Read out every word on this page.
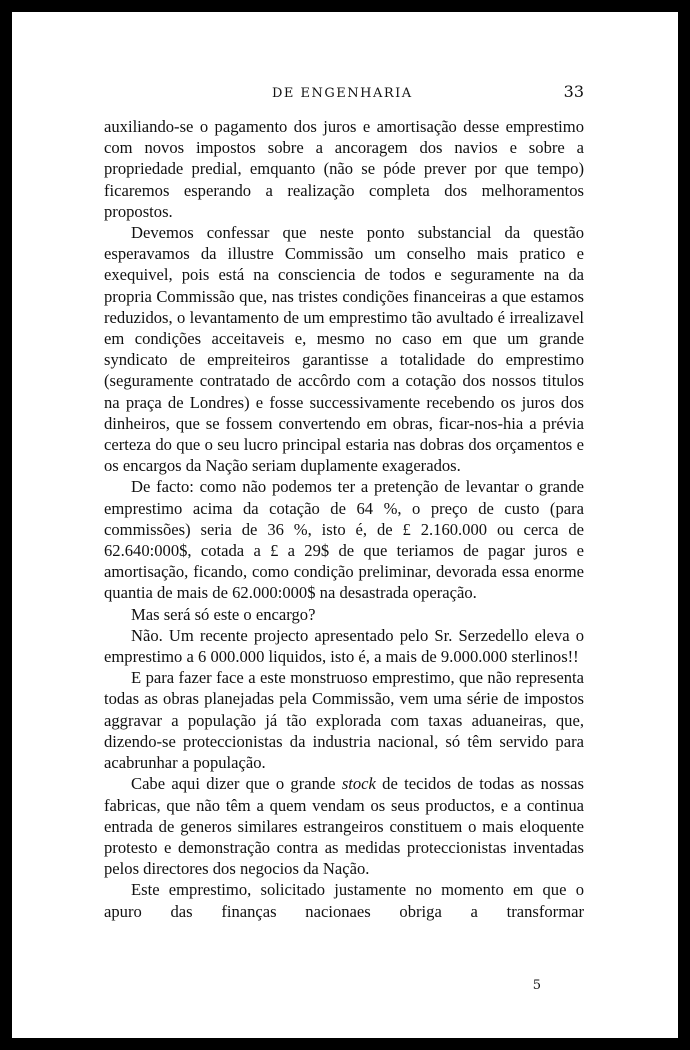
DE ENGENHARIA	33

auxiliando-se o pagamento dos juros e amortisação desse emprestimo com novos impostos sobre a ancoragem dos navios e sobre a propriedade predial, emquanto (não se póde prever por que tempo) ficaremos esperando a realização completa dos melhoramentos propostos.

Devemos confessar que neste ponto substancial da questão esperavamos da illustre Commissão um conselho mais pratico e exequivel, pois está na consciencia de todos e seguramente na da propria Commissão que, nas tristes condições financeiras a que estamos reduzidos, o levantamento de um emprestimo tão avultado é irrealizavel em condições acceitaveis e, mesmo no caso em que um grande syndicato de empreiteiros garantisse a totalidade do emprestimo (seguramente contratado de accôrdo com a cotação dos nossos titulos na praça de Londres) e fosse successivamente recebendo os juros dos dinheiros, que se fossem convertendo em obras, ficar-nos-hia a prévia certeza do que o seu lucro principal estaria nas dobras dos orçamentos e os encargos da Nação seriam duplamente exagerados.

De facto: como não podemos ter a pretenção de levantar o grande emprestimo acima da cotação de 64 %, o preço de custo (para commissões) seria de 36 %, isto é, de £ 2.160.000 ou cerca de 62.640:000$, cotada a £ a 29$ de que teriamos de pagar juros e amortisação, ficando, como condição preliminar, devorada essa enorme quantia de mais de 62.000:000$ na desastrada operação.

Mas será só este o encargo?

Não. Um recente projecto apresentado pelo Sr. Serzedello eleva o emprestimo a 6 000.000 liquidos, isto é, a mais de 9.000.000 sterlinos!!

E para fazer face a este monstruoso emprestimo, que não representa todas as obras planejadas pela Commissão, vem uma série de impostos aggravar a população já tão explorada com taxas aduaneiras, que, dizendo-se proteccionistas da industria nacional, só têm servido para acabrunhar a população.

Cabe aqui dizer que o grande stock de tecidos de todas as nossas fabricas, que não têm a quem vendam os seus productos, e a continua entrada de generos similares estrangeiros constituem o mais eloquente protesto e demonstração contra as medidas proteccionistas inventadas pelos directores dos negocios da Nação.

Este emprestimo, solicitado justamente no momento em que o apuro das finanças nacionaes obriga a transformar

5
